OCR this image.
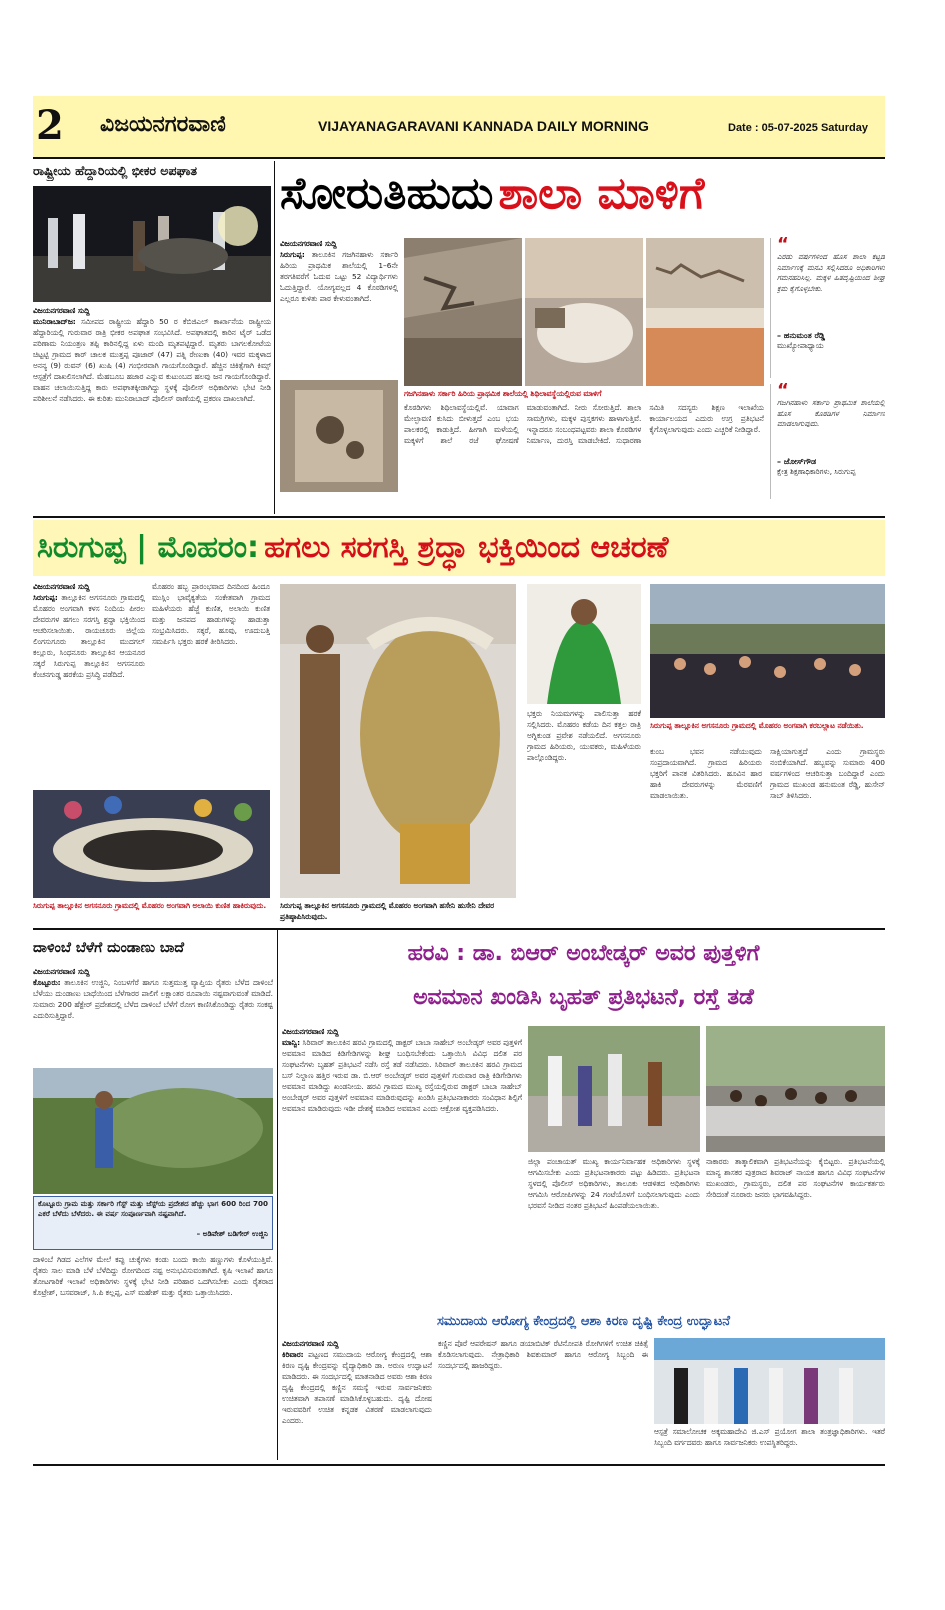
2 ವಿಜಯನಗರವಾಣಿ	VIJAYANAGARAVANI KANNADA DAILY MORNING	Date : 05-07-2025 Saturday
ರಾಷ್ಟ್ರೀಯ ಹೆದ್ದಾರಿಯಲ್ಲಿ ಭೀಕರ ಅಪಘಾತ
ವಿಜಯನಗರವಾಣಿ ಸುದ್ದಿ
ಮುನಿರಾಬಾದ್‌ಜ: ಸಮೀಪದ ರಾಷ್ಟ್ರೀಯ ಹೆದ್ದಾರಿ 50 ರ ಕೆಬಿಜಿಎಲ್ ಕಾರ್ಖಾನೆಯ ರಾಷ್ಟ್ರೀಯ ಹೆದ್ದಾರಿಯಲ್ಲಿ ಗುರುವಾರ ರಾತ್ರಿ ಭೀಕರ ಅಪಘಾತ ಸಂಭವಿಸಿದೆ. ಅಪಘಾತದಲ್ಲಿ ಕಾರಿನ ಟೈರ್ ಒಡೆದ ಪರಿಣಾಮ ನಿಯಂತ್ರಣ ತಪ್ಪಿ ಕಾರಿನಲ್ಲಿದ್ದ ಏಳು ಮಂದಿ ಮೃತಪಟ್ಟಿದ್ದಾರೆ. ಮೃತರು ಬಾಗಲಕೋಟೆಯ ಚಿಟ್ಟಟ್ಟಿ ಗ್ರಾಮದ ಕಾರ್ ಚಾಲಕ ಮುತ್ತಪ್ಪ ಪೂಜಾರ್ (47) ಪತ್ನಿ ರೇಣುಕಾ (40) ಇವರ ಮಕ್ಕಳಾದ ಅನನ್ಯ (9) ರುವನ್ (6) ಖುಷಿ (4) ಗಂಭೀರವಾಗಿ ಗಾಯಗೊಂಡಿದ್ದಾರೆ. ಹೆಚ್ಚಿನ ಚಿಕಿತ್ಸೆಗಾಗಿ ಕಿಮ್ಸ್ ಆಸ್ಪತ್ರೆಗೆ ದಾಖಲಿಸಲಾಗಿದೆ. ಮೆಹಬೂಬ ಹಜಾರ ಎನ್ನುವ ಕುಟುಂಬದ ಹಲವು ಜನ ಗಾಯಗೊಂಡಿದ್ದಾರೆ. ವಾಹನ ಚಲಾಯಿಸುತ್ತಿದ್ದ ಕಾರು ಅಪಘಾತಕ್ಕೀಡಾಗಿದ್ದು ಸ್ಥಳಕ್ಕೆ ಪೊಲೀಸ್ ಅಧಿಕಾರಿಗಳು ಭೇಟಿ ನೀಡಿ ಪರಿಶೀಲನೆ ನಡೆಸಿದರು. ಈ ಕುರಿತು ಮುನಿರಾಬಾದ್ ಪೊಲೀಸ್ ಠಾಣೆಯಲ್ಲಿ ಪ್ರಕರಣ ದಾಖಲಾಗಿದೆ.
ಸೋರುತಿಹುದು ಶಾಲಾ ಮಾಳಿಗೆ
ವಿಜಯನಗರವಾಣಿ ಸುದ್ದಿ
ಸಿರುಗುಪ್ಪ: ತಾಲೂಕಿನ ಗಜಗಿನಹಾಳು ಸರ್ಕಾರಿ ಹಿರಿಯ ಪ್ರಾಥಮಿಕ ಶಾಲೆಯಲ್ಲಿ 1–6ನೇ ತರಗತಿವರೆಗೆ ಓದುವ ಒಟ್ಟು 52 ವಿದ್ಯಾರ್ಥಿಗಳು ಓದುತ್ತಿದ್ದಾರೆ. ಯೋಗ್ಯವಲ್ಲದ 4 ಕೊಠಡಿಗಳಲ್ಲಿ ಎಲ್ಲರೂ ಕುಳಿತು ಪಾಠ ಕೇಳುವಂತಾಗಿದೆ.
ಗಜಗಿನಹಾಳು ಸರ್ಕಾರಿ ಹಿರಿಯ ಪ್ರಾಥಮಿಕ ಶಾಲೆಯಲ್ಲಿ ಶಿಥಿಲಾವಸ್ಥೆಯಲ್ಲಿರುವ ಮಾಳಿಗೆ
ಕೊಠಡಿಗಳು ಶಿಥಿಲಾವಸ್ಥೆಯಲ್ಲಿವೆ. ಯಾವಾಗ ಮೇಲ್ಛಾವಣಿ ಕುಸಿದು ಬೀಳುತ್ತದೆ ಎಂಬ ಭಯ ಪಾಲಕರಲ್ಲಿ ಕಾಡುತ್ತಿದೆ. ಹೀಗಾಗಿ ಮಳೆಯಲ್ಲಿ ಮಕ್ಕಳಿಗೆ ಶಾಲೆ ರಜೆ ಘೋಷಣೆ ಮಾಡುವಂತಾಗಿದೆ. ನೀರು ಸೋರುತ್ತಿದೆ. ಶಾಲಾ ಸಾಮಗ್ರಿಗಳು, ಮಕ್ಕಳ ಪುಸ್ತಕಗಳು ಹಾಳಾಗುತ್ತಿವೆ. ಇನ್ನಾದರೂ ಸಂಬಂಧಪಟ್ಟವರು ಶಾಲಾ ಕೊಠಡಿಗಳ ನಿರ್ಮಾಣ, ದುರಸ್ತಿ ಮಾಡಬೇಕಿದೆ. ಸುಧಾರಣಾ ಸಮಿತಿ ಸದಸ್ಯರು ಶಿಕ್ಷಣ ಇಲಾಖೆಯ ಕಾರ್ಯಾಲಯದ ಎದುರು ಉಗ್ರ ಪ್ರತಿಭಟನೆ ಕೈಗೊಳ್ಳಲಾಗುವುದು ಎಂದು ಎಚ್ಚರಿಕೆ ನೀಡಿದ್ದಾರೆ.
“
ಎರಡು ವರ್ಷಗಳಿಂದ ಹೊಸ ಶಾಲಾ ಕಟ್ಟಡ ನಿರ್ಮಾಣಕ್ಕೆ ಮನವಿ ಸಲ್ಲಿಸಿದರೂ ಅಧಿಕಾರಿಗಳು ಗಮನಹರಿಸಿಲ್ಲ. ಮಕ್ಕಳ ಹಿತದೃಷ್ಟಿಯಿಂದ ಶೀಘ್ರ ಕ್ರಮ ಕೈಗೊಳ್ಳಬೇಕು.
– ಹನುಮಂತ ರೆಡ್ಡಿ
ಮುಖ್ಯೋಪಾಧ್ಯಾಯ
“
ಗಜಗಿನಹಾಳು ಸರ್ಕಾರಿ ಪ್ರಾಥಮಿಕ ಶಾಲೆಯಲ್ಲಿ ಹೊಸ ಕೊಠಡಿಗಳ ನಿರ್ಮಾಣ ಮಾಡಲಾಗುವುದು.
– ಜೋಸ್‌ಗೌಡ
ಕ್ಷೇತ್ರ ಶಿಕ್ಷಣಾಧಿಕಾರಿಗಳು, ಸಿರುಗುಪ್ಪ
ಸಿರುಗುಪ್ಪ | ಮೊಹರಂ: ಹಗಲು ಸರಗಸ್ತಿ ಶ್ರದ್ಧಾ ಭಕ್ತಿಯಿಂದ ಆಚರಣೆ
ವಿಜಯನಗರವಾಣಿ ಸುದ್ದಿ
ಸಿರುಗುಪ್ಪ: ತಾಲ್ಲೂಕಿನ ಅಗಸನೂರು ಗ್ರಾಮದಲ್ಲಿ ಮೊಹರಂ ಅಂಗವಾಗಿ ಕಳಸ ನಿಂದಿಯ ಪೀರಲ ದೇವರುಗಳ ಹಗಲು ಸರಗಸ್ತಿ ಶ್ರದ್ಧಾ ಭಕ್ತಿಯಿಂದ ಆಚರಿಸಲಾಯಿತು. ರಾಯಚೂರು ಜಿಲ್ಲೆಯ ಲಿಂಗಸುಗೂರು ತಾಲ್ಲೂಕಿನ ಮುದಗಲ್ ಕಲ್ಲೂರು, ಸಿಂಧನೂರು ತಾಲ್ಲೂಕಿನ ಆಯನೂರ ಸಕ್ಕರೆ ಸಿರುಗುಪ್ಪ ತಾಲ್ಲೂಕಿನ ಅಗಸನೂರು ಕೆಂಚನಗುಡ್ಡ ಹರಕೆಯ ಪ್ರಸಿದ್ಧಿ ಪಡೆದಿದೆ.
ಮೊಹರಂ ಹಬ್ಬ ಪ್ರಾರಂಭವಾದ ದಿನದಿಂದ ಹಿಂದೂ ಮುಸ್ಲಿಂ ಭಾವೈಕ್ಯತೆಯ ಸಂಕೇತವಾಗಿ ಗ್ರಾಮದ ಮಹಿಳೆಯರು ಹೆಜ್ಜೆ ಕುಣಿತ, ಅಲಾಯಿ ಕುಣಿತ ಮತ್ತು ಜನಪದ ಹಾಡುಗಳನ್ನು ಹಾಡುತ್ತಾ ಸಂಭ್ರಮಿಸಿದರು. ಸಕ್ಕರೆ, ಹೂವು, ಊದುಬತ್ತಿ ಸಮರ್ಪಿಸಿ ಭಕ್ತರು ಹರಕೆ ತೀರಿಸಿದರು.
ಸಿರುಗುಪ್ಪ ತಾಲ್ಲೂಕಿನ ಅಗಸನೂರು ಗ್ರಾಮದಲ್ಲಿ ಮೊಹರಂ ಅಂಗವಾಗಿ ಅಲಾಯಿ ಕುಣಿತ ಹಾಕಿರುವುದು.	ಸಿರುಗುಪ್ಪ ತಾಲ್ಲೂಕಿನ ಅಗಸನೂರು ಗ್ರಾಮದಲ್ಲಿ ಮೊಹರಂ ಅಂಗವಾಗಿ ಹಸೇನಿ ಹುಸೇನಿ ದೇವರ ಪ್ರತಿಷ್ಠಾಪಿಸಿರುವುದು.
ಭಕ್ತರು ನಿಯಮಗಳನ್ನು ಪಾಲಿಸುತ್ತಾ ಹರಕೆ ಸಲ್ಲಿಸಿದರು. ಮೊಹರಂ ಕಡೆಯ ದಿನ ಕತ್ತಲ ರಾತ್ರಿ ಅಗ್ನಿಕುಂಡ ಪ್ರವೇಶ ನಡೆಯಲಿದೆ. ಅಗಸನೂರು ಗ್ರಾಮದ ಹಿರಿಯರು, ಯುವಕರು, ಮಹಿಳೆಯರು ಪಾಲ್ಗೊಂಡಿದ್ದರು.
ಸಿರುಗುಪ್ಪ ತಾಲ್ಲೂಕಿನ ಅಗಸನೂರು ಗ್ರಾಮದಲ್ಲಿ ಮೊಹರಂ ಅಂಗವಾಗಿ ಕರಬಲ್ಲಾಟ ನಡೆಯಿತು.
ಕುಂಬ ಭವನ ನಡೆಯುವುದು ಸಂಪ್ರದಾಯವಾಗಿದೆ. ಗ್ರಾಮದ ಹಿರಿಯರು ಭಕ್ತರಿಗೆ ಪಾನಕ ವಿತರಿಸಿದರು. ಹೂವಿನ ಹಾರ ಹಾಕಿ ದೇವರುಗಳನ್ನು ಮೆರವಣಿಗೆ ಮಾಡಲಾಯಿತು.
ಸಾಕ್ಷಿಯಾಗುತ್ತದೆ ಎಂದು ಗ್ರಾಮಸ್ಥರು ನಂಬಿಕೆಯಾಗಿದೆ. ಹಬ್ಬವನ್ನು ಸುಮಾರು 400 ವರ್ಷಗಳಿಂದ ಆಚರಿಸುತ್ತಾ ಬಂದಿದ್ದಾರೆ ಎಂದು ಗ್ರಾಮದ ಮುಖಂಡ ಹನುಮಂತ ರೆಡ್ಡಿ, ಹುಸೇನ್ ಸಾಬ್ ತಿಳಿಸಿದರು.
ದಾಳಿಂಬೆ ಬೆಳೆಗೆ ದುಂಡಾಣು ಬಾದೆ
ವಿಜಯನಗರವಾಣಿ ಸುದ್ದಿ
ಕೊಟ್ಟೂರು: ತಾಲೂಕಿನ ಉಜ್ಜಿನಿ, ನಿಂಬಳಗೆರೆ ಹಾಗೂ ಸುತ್ತಮುತ್ತ ವ್ಯಾಪ್ತಿಯ ರೈತರು ಬೆಳೆದ ದಾಳಿಂಬೆ ಬೆಳೆಯು ದುಂಡಾಣು ಬಾಧೆಯಿಂದ ಬೆಳೆಗಾರರ ಪಾಲಿಗೆ ಲಕ್ಷಾಂತರ ರೂಪಾಯಿ ನಷ್ಟವಾಗುವಂತೆ ಮಾಡಿದೆ. ಸುಮಾರು 200 ಹೆಕ್ಟೇರ್ ಪ್ರದೇಶದಲ್ಲಿ ಬೆಳೆದ ದಾಳಿಂಬೆ ಬೆಳೆಗೆ ರೋಗ ಕಾಣಿಸಿಕೊಂಡಿದ್ದು ರೈತರು ಸಂಕಷ್ಟ ಎದುರಿಸುತ್ತಿದ್ದಾರೆ.
ಕೊಟ್ಟೂರು ಗ್ರಾಮ ಮತ್ತು ಸರ್ಕಾರಿ ಗೆಸ್ಟ್ ಮತ್ತು ಜೆಸ್ಟ್‌ಯ ಪ್ರದೇಶದ ಹೆಚ್ಚು ಭಾಗ 600 ರಿಂದ 700 ಎಕರೆ ಬೆಳೆದು ಬೆಳೆದರು. ಈ ವರ್ಷ ಸಂಪೂರ್ಣವಾಗಿ ನಷ್ಟವಾಗಿದೆ.
– ಅಡಿವೇಶ್ ಬಡಿಗೇರ್‌ ಉಜ್ಜಿನಿ
ದಾಳಿಂಬೆ ಗಿಡದ ಎಲೆಗಳ ಮೇಲೆ ಕಪ್ಪು ಚುಕ್ಕೆಗಳು ಕಂಡು ಬಂದು ಕಾಯಿ ಹಣ್ಣುಗಳು ಕೊಳೆಯುತ್ತಿವೆ. ರೈತರು ಸಾಲ ಮಾಡಿ ಬೆಳೆ ಬೆಳೆದಿದ್ದು ರೋಗದಿಂದ ನಷ್ಟ ಅನುಭವಿಸುವಂತಾಗಿದೆ. ಕೃಷಿ ಇಲಾಖೆ ಹಾಗೂ ತೋಟಗಾರಿಕೆ ಇಲಾಖೆ ಅಧಿಕಾರಿಗಳು ಸ್ಥಳಕ್ಕೆ ಭೇಟಿ ನೀಡಿ ಪರಿಹಾರ ಒದಗಿಸಬೇಕು ಎಂದು ರೈತರಾದ ಕೊಟ್ರೇಶ್, ಬಸವರಾಜ್, ಸಿ.ಪಿ ಕಲ್ಲಪ್ಪ, ಎಸ್ ಮಹೇಶ್ ಮತ್ತು ರೈತರು ಒತ್ತಾಯಿಸಿದರು.
ಹರವಿ : ಡಾ. ಬಿಆರ್ ಅಂಬೇಡ್ಕರ್ ಅವರ ಪುತ್ತಳಿಗೆ
ಅವಮಾನ ಖಂಡಿಸಿ ಬೃಹತ್ ಪ್ರತಿಭಟನೆ, ರಸ್ತೆ ತಡೆ
ವಿಜಯನಗರವಾಣಿ ಸುದ್ದಿ
ಮಾನ್ವಿ: ಸಿರಿವಾರ್ ತಾಲೂಕಿನ ಹರವಿ ಗ್ರಾಮದಲ್ಲಿ ಡಾಕ್ಟರ್ ಬಾಬಾ ಸಾಹೇಬ್ ಅಂಬೇಡ್ಕರ್ ಅವರ ಪುತ್ತಳಿಗೆ ಅವಮಾನ ಮಾಡಿದ ಕಿಡಿಗೇಡಿಗಳನ್ನು ಶೀಘ್ರ ಬಂಧಿಸಬೇಕೆಂದು ಒತ್ತಾಯಿಸಿ ವಿವಿಧ ದಲಿತ ಪರ ಸಂಘಟನೆಗಳು ಬೃಹತ್ ಪ್ರತಿಭಟನೆ ನಡೆಸಿ ರಸ್ತೆ ತಡೆ ನಡೆಸಿದರು. ಸಿರಿವಾರ್ ತಾಲೂಕಿನ ಹರವಿ ಗ್ರಾಮದ ಬಸ್ ನಿಲ್ದಾಣ ಹತ್ತಿರ ಇರುವ ಡಾ. ಬಿ.ಆರ್ ಅಂಬೇಡ್ಕರ್ ಅವರ ಪುತ್ತಳಿಗೆ ಗುರುವಾರ ರಾತ್ರಿ ಕಿಡಿಗೇಡಿಗಳು ಅವಮಾನ ಮಾಡಿದ್ದು ಖಂಡನೀಯ. ಹರವಿ ಗ್ರಾಮದ ಮುಖ್ಯ ರಸ್ತೆಯಲ್ಲಿರುವ ಡಾಕ್ಟರ್ ಬಾಬಾ ಸಾಹೇಬ್ ಅಂಬೇಡ್ಕರ್ ಅವರ ಪುತ್ತಳಿಗೆ ಅವಮಾನ ಮಾಡಿರುವುದನ್ನು ಖಂಡಿಸಿ ಪ್ರತಿಭಟನಾಕಾರರು ಸಂವಿಧಾನ ಶಿಲ್ಪಿಗೆ ಅವಮಾನ ಮಾಡಿರುವುದು ಇಡೀ ದೇಶಕ್ಕೆ ಮಾಡಿದ ಅವಮಾನ ಎಂದು ಆಕ್ರೋಶ ವ್ಯಕ್ತಪಡಿಸಿದರು.
ಜಿಲ್ಲಾ ಪಂಚಾಯತ್ ಮುಖ್ಯ ಕಾರ್ಯನಿರ್ವಾಹಕ ಅಧಿಕಾರಿಗಳು ಸ್ಥಳಕ್ಕೆ ಆಗಮಿಸಬೇಕು ಎಂದು ಪ್ರತಿಭಟನಾಕಾರರು ಪಟ್ಟು ಹಿಡಿದರು. ಪ್ರತಿಭಟನಾ ಸ್ಥಳದಲ್ಲಿ ಪೊಲೀಸ್ ಅಧಿಕಾರಿಗಳು, ತಾಲೂಕು ಆಡಳಿತದ ಅಧಿಕಾರಿಗಳು ಆಗಮಿಸಿ ಆರೋಪಿಗಳನ್ನು 24 ಗಂಟೆಯೊಳಗೆ ಬಂಧಿಸಲಾಗುವುದು ಎಂದು ಭರವಸೆ ನೀಡಿದ ನಂತರ ಪ್ರತಿಭಟನೆ ಹಿಂಪಡೆಯಲಾಯಿತು.
ನಾಕಾರರು ತಾತ್ಕಾಲಿಕವಾಗಿ ಪ್ರತಿಭಟನೆಯನ್ನು ಕೈಬಿಟ್ಟರು. ಪ್ರತಿಭಟನೆಯಲ್ಲಿ ಮಾನ್ಯ ಶಾಸಕರ ಪುತ್ರರಾದ ಶಿವರಾಜ್ ನಾಯಕ ಹಾಗೂ ವಿವಿಧ ಸಂಘಟನೆಗಳ ಮುಖಂಡರು, ಗ್ರಾಮಸ್ಥರು, ದಲಿತ ಪರ ಸಂಘಟನೆಗಳ ಕಾರ್ಯಕರ್ತರು ಸೇರಿದಂತೆ ನೂರಾರು ಜನರು ಭಾಗವಹಿಸಿದ್ದರು.
ಸಮುದಾಯ ಆರೋಗ್ಯ ಕೇಂದ್ರದಲ್ಲಿ ಆಶಾ ಕಿರಣ ದೃಷ್ಟಿ ಕೇಂದ್ರ ಉದ್ಘಾಟನೆ
ವಿಜಯನಗರವಾಣಿ ಸುದ್ದಿ
ಕಿರಿವಾರ: ಪಟ್ಟಣದ ಸಮುದಾಯ ಆರೋಗ್ಯ ಕೇಂದ್ರದಲ್ಲಿ ಆಶಾ ಕಿರಣ ದೃಷ್ಟಿ ಕೇಂದ್ರವನ್ನು ವೈದ್ಯಾಧಿಕಾರಿ ಡಾ. ಅರುಣ ಉದ್ಘಾಟನೆ ಮಾಡಿದರು. ಈ ಸಂದರ್ಭದಲ್ಲಿ ಮಾತನಾಡಿದ ಅವರು ಆಶಾ ಕಿರಣ ದೃಷ್ಟಿ ಕೇಂದ್ರದಲ್ಲಿ ಕಣ್ಣಿನ ಸಮಸ್ಯೆ ಇರುವ ಸಾರ್ವಜನಿಕರು ಉಚಿತವಾಗಿ ತಪಾಸಣೆ ಮಾಡಿಸಿಕೊಳ್ಳಬಹುದು. ದೃಷ್ಟಿ ದೋಷ ಇರುವವರಿಗೆ ಉಚಿತ ಕನ್ನಡಕ ವಿತರಣೆ ಮಾಡಲಾಗುವುದು ಎಂದರು.
ಕಣ್ಣಿನ ಪೊರೆ ಆಪರೇಷನ್ ಹಾಗೂ ಡಯಾಬಿಟಿಕ್ ರೆಟಿನೋಪತಿ ರೋಗಿಗಳಿಗೆ ಉಚಿತ ಚಿಕಿತ್ಸೆ ಕೊಡಿಸಲಾಗುವುದು. ನೇತ್ರಾಧಿಕಾರಿ ಶಿವಕುಮಾರ್ ಹಾಗೂ ಆರೋಗ್ಯ ಸಿಬ್ಬಂದಿ ಈ ಸಂದರ್ಭದಲ್ಲಿ ಹಾಜರಿದ್ದರು.
ಆಸ್ಪತ್ರೆ ಸಮಾಲೋಚಕ ಅಕ್ಕಮಹಾದೇವಿ ಜಿ.ಎಸ್ ಪ್ರಯೋಗ ಶಾಲಾ ತಂತ್ರಜ್ಞಾಧಿಕಾರಿಗಳು. ಇತರೆ ಸಿಬ್ಬಂದಿ ವರ್ಗದವರು ಹಾಗೂ ಸಾರ್ವಜನಿಕರು ಉಪಸ್ಥಿತರಿದ್ದರು.
